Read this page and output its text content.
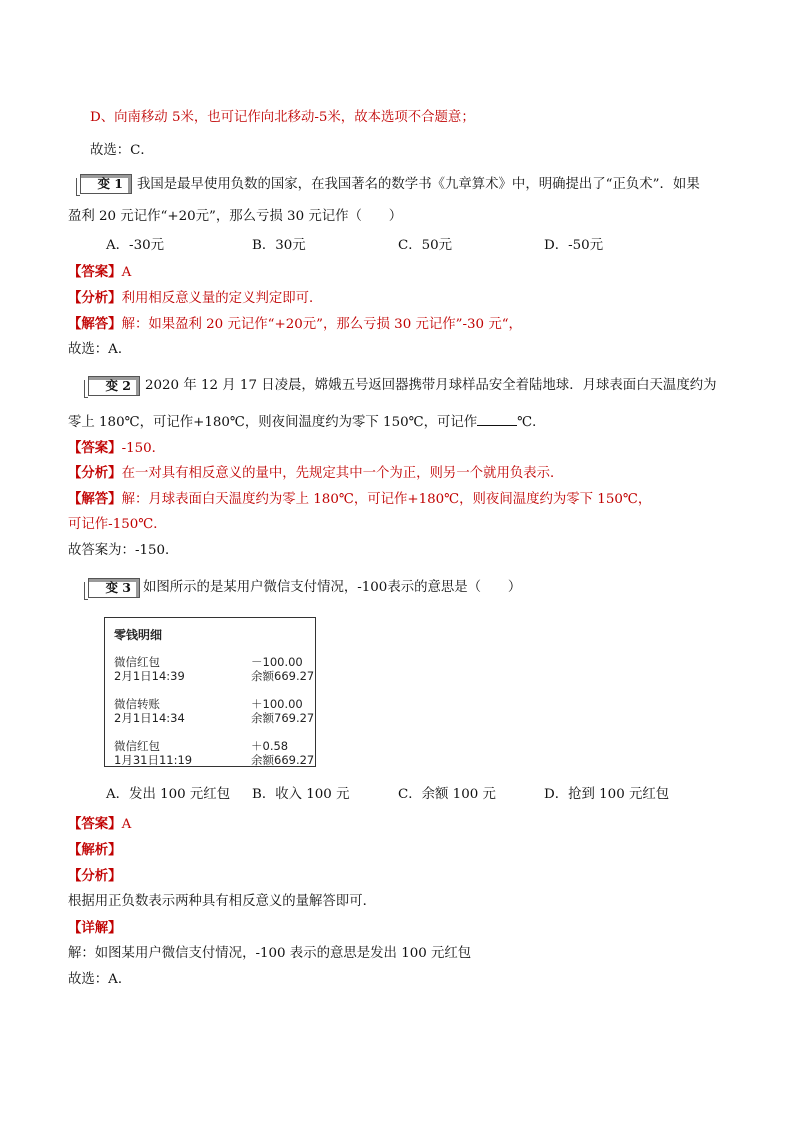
D、向南移动 5米，也可记作向北移动-5米，故本选项不合题意；
故选：C．
变 1	我国是最早使用负数的国家，在我国著名的数学书《九章算术》中，明确提出了“正负术”．如果
盈利 20 元记作“+20元”，那么亏损 30 元记作（　　）
A．-30元	B．30元	C．50元	D．-50元
【答案】A
【分析】利用相反意义量的定义判定即可．
【解答】解：如果盈利 20 元记作“+20元”，那么亏损 30 元记作”-30 元“，
故选：A．
变 2	2020 年 12 月 17 日凌晨，嫦娥五号返回器携带月球样品安全着陆地球．月球表面白天温度约为
零上 180℃，可记作+180℃，则夜间温度约为零下 150℃，可记作	℃．
【答案】-150．
【分析】在一对具有相反意义的量中，先规定其中一个为正，则另一个就用负表示．
【解答】解：月球表面白天温度约为零上 180℃，可记作+180℃，则夜间温度约为零下 150℃，
可记作-150℃．
故答案为：-150．
变 3 如图所示的是某用户微信支付情况，-100表示的意思是（　　）
零钱明细
微信红包	－100.00
2月1日14:39	余额669.27
微信转账	＋100.00
2月1日14:34	余额769.27
微信红包	＋0.58
1月31日11:19	余额669.27
A．发出 100 元红包 B．收入 100 元	C．余额 100 元	D．抢到 100 元红包
【答案】A
【解析】
【分析】
根据用正负数表示两种具有相反意义的量解答即可．
【详解】
解：如图某用户微信支付情况，-100 表示的意思是发出 100 元红包
故选：A．
